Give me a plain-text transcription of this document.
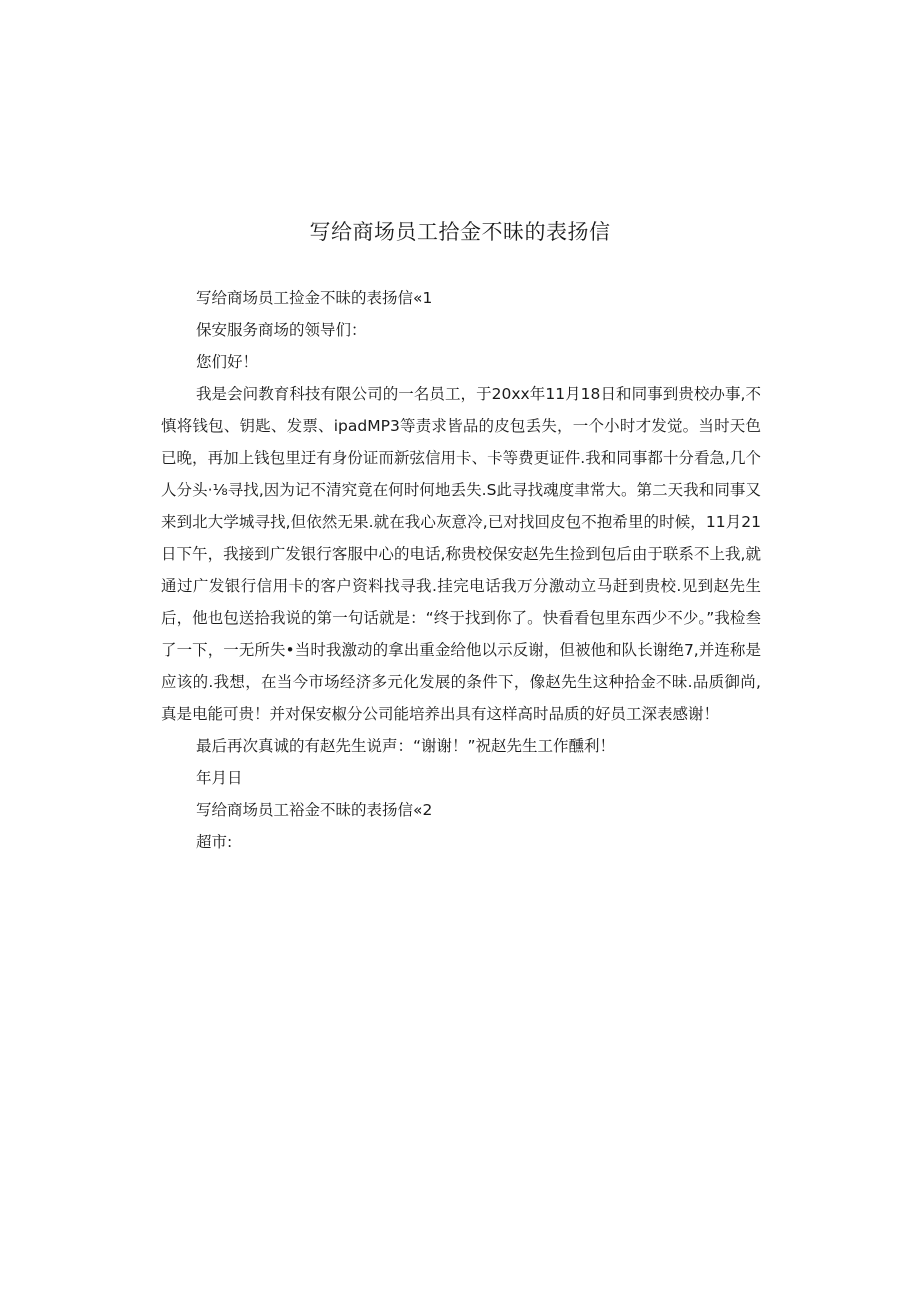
写给商场员工拾金不昧的表扬信

写给商场员工捡金不昧的表扬信«1

保安服务商场的领导们：

您们好！

我是会问教育科技有限公司的一名员工，于20xx年11月18日和同事到贵校办事,不慎将钱包、钥匙、发票、ipadMP3等责求皆品的皮包丢失，一个小时才发觉。当时天色已晚，再加上钱包里迂有身份证而新弦信用卡、卡等费更证件.我和同事都十分看急,几个人分头·⅛寻找,因为记不清究竟在何时何地丢失.S此寻找魂度聿常大。第二天我和同事又来到北大学城寻找,但依然无果.就在我心灰意冷,已对找回皮包不抱希里的时候，11月21日下午，我接到广发银行客服中心的电话,称贵校保安赵先生捡到包后由于联系不上我,就通过广发银行信用卡的客户资料找寻我.挂完电话我万分激动立马赶到贵校.见到赵先生后，他也包送拾我说的第一句话就是：“终于找到你了。快看看包里东西少不少。”我检叁了一下，一无所失•当时我激动的拿出重金给他以示反谢，但被他和队长谢绝7,并连称是应该的.我想，在当今市场经济多元化发展的条件下，像赵先生这种拾金不昧.品质御尚,真是电能可贵！并对保安椒分公司能培养出具有这样高时品质的好员工深表感谢！

最后再次真诚的有赵先生说声：“谢谢！”祝赵先生工作醺利！

年月日

写给商场员工裕金不昧的表扬信«2

超市:
